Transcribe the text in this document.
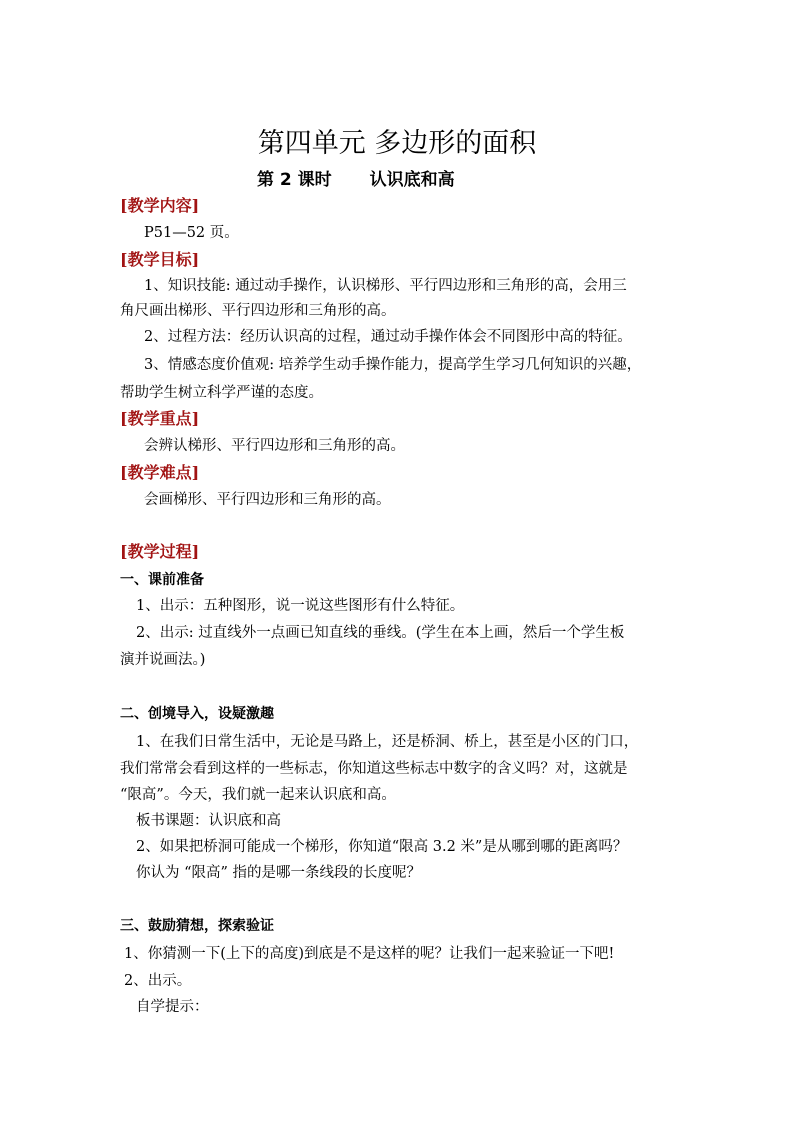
第四单元 多边形的面积
第 2 课时 认识底和高
[教学内容]
P51—52 页。
[教学目标]
1、知识技能: 通过动手操作，认识梯形、平行四边形和三角形的高，会用三
角尺画出梯形、平行四边形和三角形的高。
2、过程方法：经历认识高的过程，通过动手操作体会不同图形中高的特征。
3、情感态度价值观: 培养学生动手操作能力，提高学生学习几何知识的兴趣，
帮助学生树立科学严谨的态度。
[教学重点]
会辨认梯形、平行四边形和三角形的高。
[教学难点]
会画梯形、平行四边形和三角形的高。
[教学过程]
一、课前准备
1、出示：五种图形，说一说这些图形有什么特征。
2、出示: 过直线外一点画已知直线的垂线。(学生在本上画，然后一个学生板
演并说画法。)
二、创境导入，设疑激趣
1、在我们日常生活中，无论是马路上，还是桥洞、桥上，甚至是小区的门口，
我们常常会看到这样的一些标志，你知道这些标志中数字的含义吗？对，这就是
“限高”。今天，我们就一起来认识底和高。
板书课题：认识底和高
2、如果把桥洞可能成一个梯形，你知道“限高 3.2 米”是从哪到哪的距离吗？
你认为 “限高” 指的是哪一条线段的长度呢？
三、鼓励猜想，探索验证
1、你猜测一下(上下的高度)到底是不是这样的呢？让我们一起来验证一下吧!
2、出示。
自学提示：
